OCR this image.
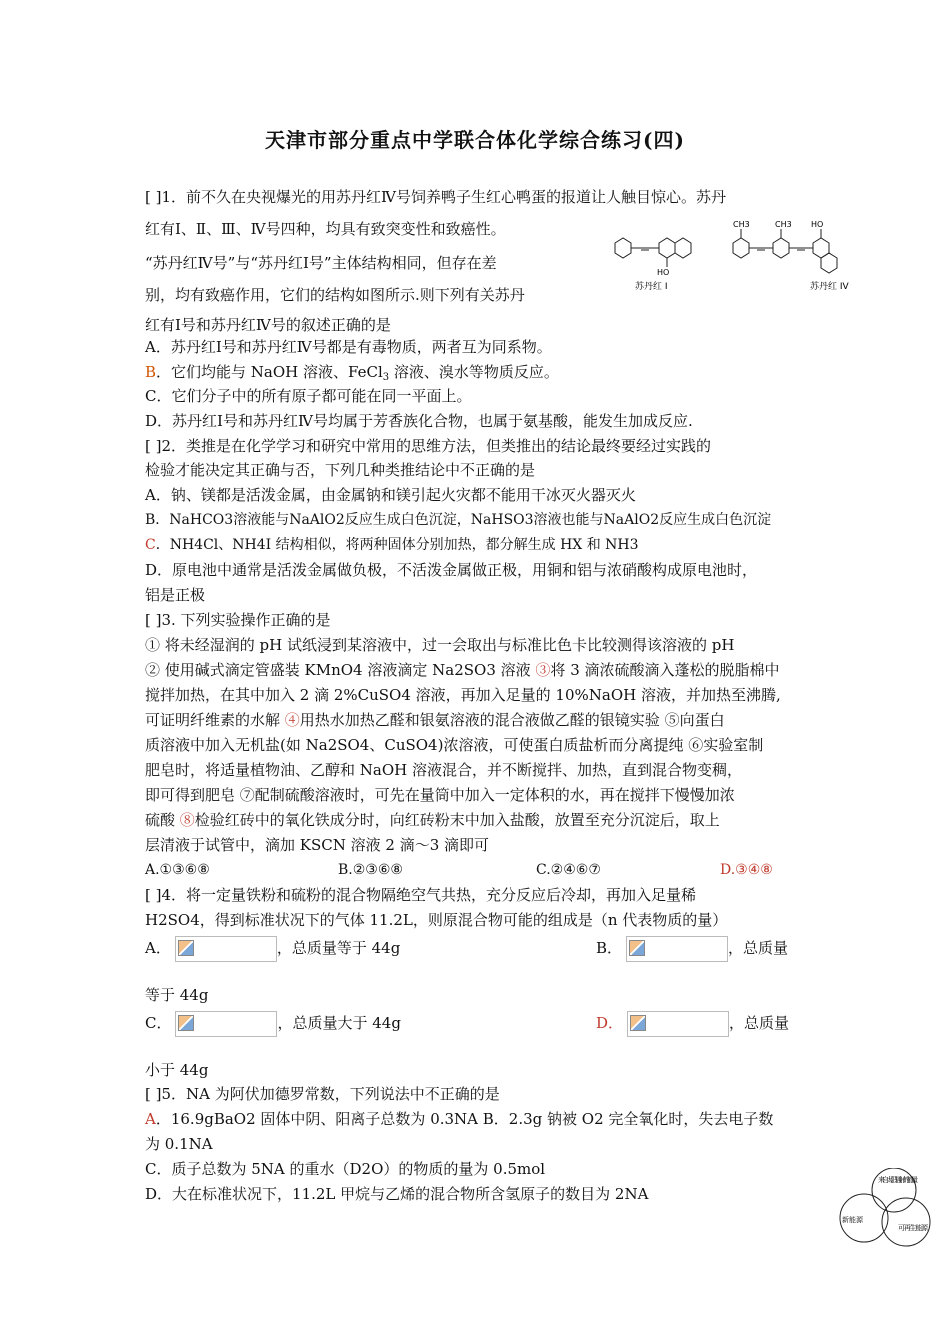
天津市部分重点中学联合体化学综合练习(四)
[ ]1．前不久在央视爆光的用苏丹红Ⅳ号饲养鸭子生红心鸭蛋的报道让人触目惊心。苏丹
红有Ⅰ、Ⅱ、Ⅲ、Ⅳ号四种，均具有致突变性和致癌性。
“苏丹红Ⅳ号”与“苏丹红Ⅰ号”主体结构相同，但存在差
别，均有致癌作用，它们的结构如图所示.则下列有关苏丹
红有Ⅰ号和苏丹红Ⅳ号的叙述正确的是
HO
CH3	CH3 HO
苏丹红 I	苏丹红 IV
A．苏丹红Ⅰ号和苏丹红Ⅳ号都是有毒物质，两者互为同系物。
B．它们均能与 NaOH 溶液、FeCl$_3$ 溶液、溴水等物质反应。
C．它们分子中的所有原子都可能在同一平面上。
D．苏丹红Ⅰ号和苏丹红Ⅳ号均属于芳香族化合物，也属于氨基酸，能发生加成反应.
[ ]2．类推是在化学学习和研究中常用的思维方法，但类推出的结论最终要经过实践的
检验才能决定其正确与否，下列几种类推结论中不正确的是
A．钠、镁都是活泼金属，由金属钠和镁引起火灾都不能用干冰灭火器灭火
B．NaHCO3溶液能与NaAlO2反应生成白色沉淀，NaHSO3溶液也能与NaAlO2反应生成白色沉淀
C．NH4Cl、NH4I 结构相似，将两种固体分别加热，都分解生成 HX 和 NH3
D．原电池中通常是活泼金属做负极，不活泼金属做正极，用铜和铝与浓硝酸构成原电池时，
铝是正极
[ ]3. 下列实验操作正确的是
① 将未经湿润的 pH 试纸浸到某溶液中，过一会取出与标准比色卡比较测得该溶液的 pH
② 使用碱式滴定管盛装 KMnO4 溶液滴定 Na2SO3 溶液 ③将 3 滴浓硫酸滴入蓬松的脱脂棉中
搅拌加热，在其中加入 2 滴 2%CuSO4 溶液，再加入足量的 10%NaOH 溶液，并加热至沸腾,
可证明纤维素的水解 ④用热水加热乙醛和银氨溶液的混合液做乙醛的银镜实验 ⑤向蛋白
质溶液中加入无机盐(如 Na2SO4、CuSO4)浓溶液，可使蛋白质盐析而分离提纯 ⑥实验室制
肥皂时，将适量植物油、乙醇和 NaOH 溶液混合，并不断搅拌、加热，直到混合物变稠，
即可得到肥皂 ⑦配制硫酸溶液时，可先在量筒中加入一定体积的水，再在搅拌下慢慢加浓
硫酸 ⑧检验红砖中的氧化铁成分时，向红砖粉末中加入盐酸，放置至充分沉淀后，取上
层清液于试管中，滴加 KSCN 溶液 2 滴～3 滴即可
A.①③⑥⑧	B.②③⑥⑧	C.②④⑥⑦	D.③④⑧
[ ]4．将一定量铁粉和硫粉的混合物隔绝空气共热，充分反应后冷却，再加入足量稀
H2SO4，得到标准状况下的气体 11.2L，则原混合物可能的组成是（n 代表物质的量）
A．	，总质量等于 44g	B．	，总质量
等于 44g
C．	，总质量大于 44g	D．	，总质量
小于 44g
[ ]5．NA 为阿伏加德罗常数，下列说法中不正确的是
A．16.9gBaO2 固体中阴、阳离子总数为 0.3NA B．2.3g 钠被 O2 完全氧化时，失去电子数
为 0.1NA
C．质子总数为 5NA 的重水（D2O）的物质的量为 0.5mol
D．大在标准状况下，11.2L 甲烷与乙烯的混合物所含氢原子的数目为 2NA
来自太阳辐射的能量
新能源
可再生能源
